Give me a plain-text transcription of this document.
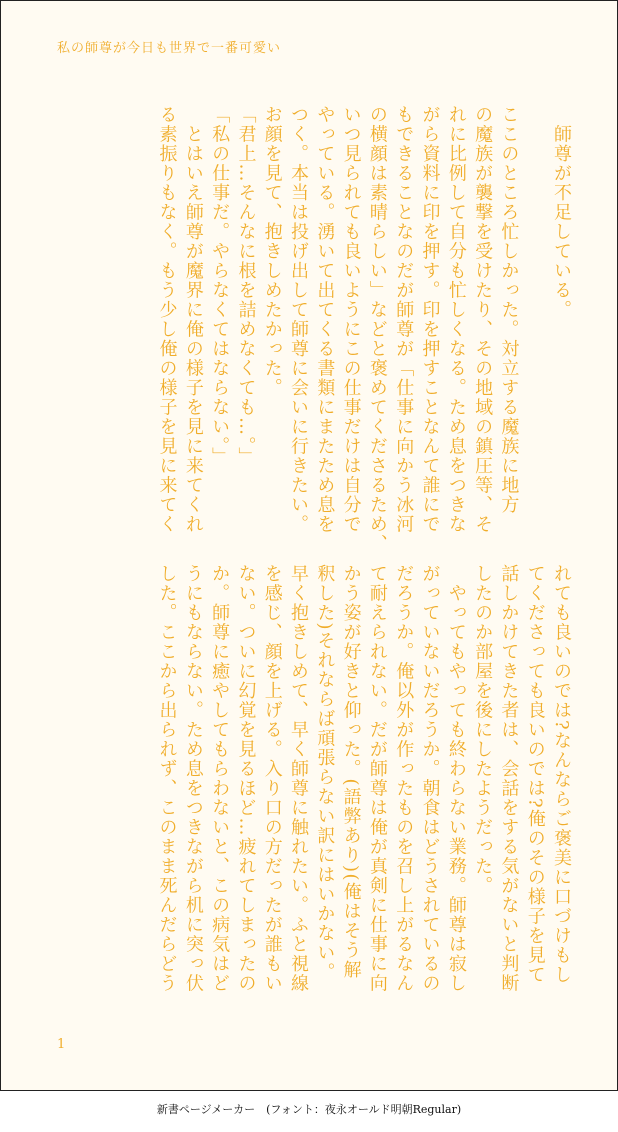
私の師尊が今日も世界で一番可愛い
　師尊が不足している。

ここのところ忙しかった。対立する魔族に地方
の魔族が襲撃を受けたり、その地域の鎮圧等、そ
れに比例して自分も忙しくなる。ため息をつきな
がら資料に印を押す。印を押すことなんて誰にで
もできることなのだが師尊が「仕事に向かう冰河
の横顔は素晴らしい」などと褒めてくださるため、
いつ見られても良いようにこの仕事だけは自分で
やっている。湧いて出てくる書類にまたため息を
つく。本当は投げ出して師尊に会いに行きたい。
お顔を見て、抱きしめたかった。
「君上…そんなに根を詰めなくても…。」
「私の仕事だ。やらなくてはならない。」
　とはいえ師尊が魔界に俺の様子を見に来てくれ
る素振りもなく。もう少し俺の様子を見に来てく
れても良いのでは?なんならご褒美に口づけもし
てくださっても良いのでは?俺のその様子を見て
話しかけてきた者は、会話をする気がないと判断
したのか部屋を後にしたようだった。
　やってもやっても終わらない業務。師尊は寂し
がっていないだろうか。朝食はどうされているの
だろうか。俺以外が作ったものを召し上がるなん
て耐えられない。だが師尊は俺が真剣に仕事に向
かう姿が好きと仰った。(語弊あり)(俺はそう解
釈した)それならば頑張らない訳にはいかない。
早く抱きしめて、早く師尊に触れたい。ふと視線
を感じ、顔を上げる。入り口の方だったが誰もい
ない。ついに幻覚を見るほど…疲れてしまったの
か。師尊に癒やしてもらわないと、この病気はど
うにもならない。ため息をつきながら机に突っ伏
した。ここから出られず、このまま死んだらどう
1
新書ページメーカー　(フォント：夜永オールド明朝Regular)
